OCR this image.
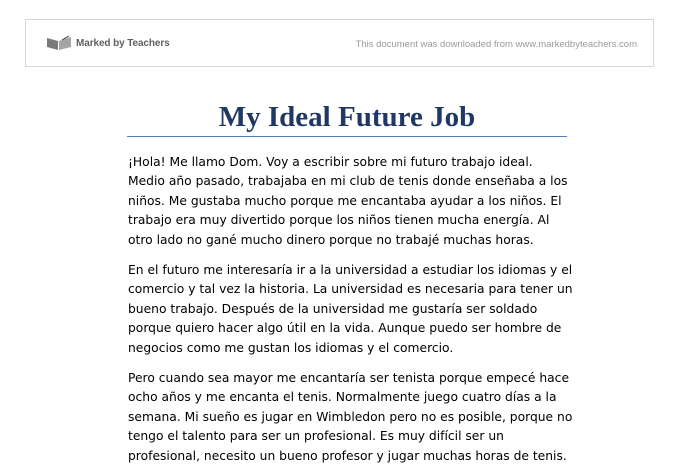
Marked by Teachers	This document was downloaded from www.markedbyteachers.com
My Ideal Future Job

¡Hola! Me llamo Dom. Voy a escribir sobre mi futuro trabajo ideal. Medio año pasado, trabajaba en mi club de tenis donde enseñaba a los niños. Me gustaba mucho porque me encantaba ayudar a los niños. El trabajo era muy divertido porque los niños tienen mucha energía. Al otro lado no gané mucho dinero porque no trabajé muchas horas.

En el futuro me interesaría ir a la universidad a estudiar los idiomas y el comercio y tal vez la historia. La universidad es necesaria para tener un bueno trabajo. Después de la universidad me gustaría ser soldado porque quiero hacer algo útil en la vida. Aunque puedo ser hombre de negocios como me gustan los idiomas y el comercio.

Pero cuando sea mayor me encantaría ser tenista porque empecé hace ocho años y me encanta el tenis. Normalmente juego cuatro días a la semana. Mi sueño es jugar en Wimbledon pero no es posible, porque no tengo el talento para ser un profesional. Es muy difícil ser un profesional, necesito un bueno profesor y jugar muchas horas de tenis.
